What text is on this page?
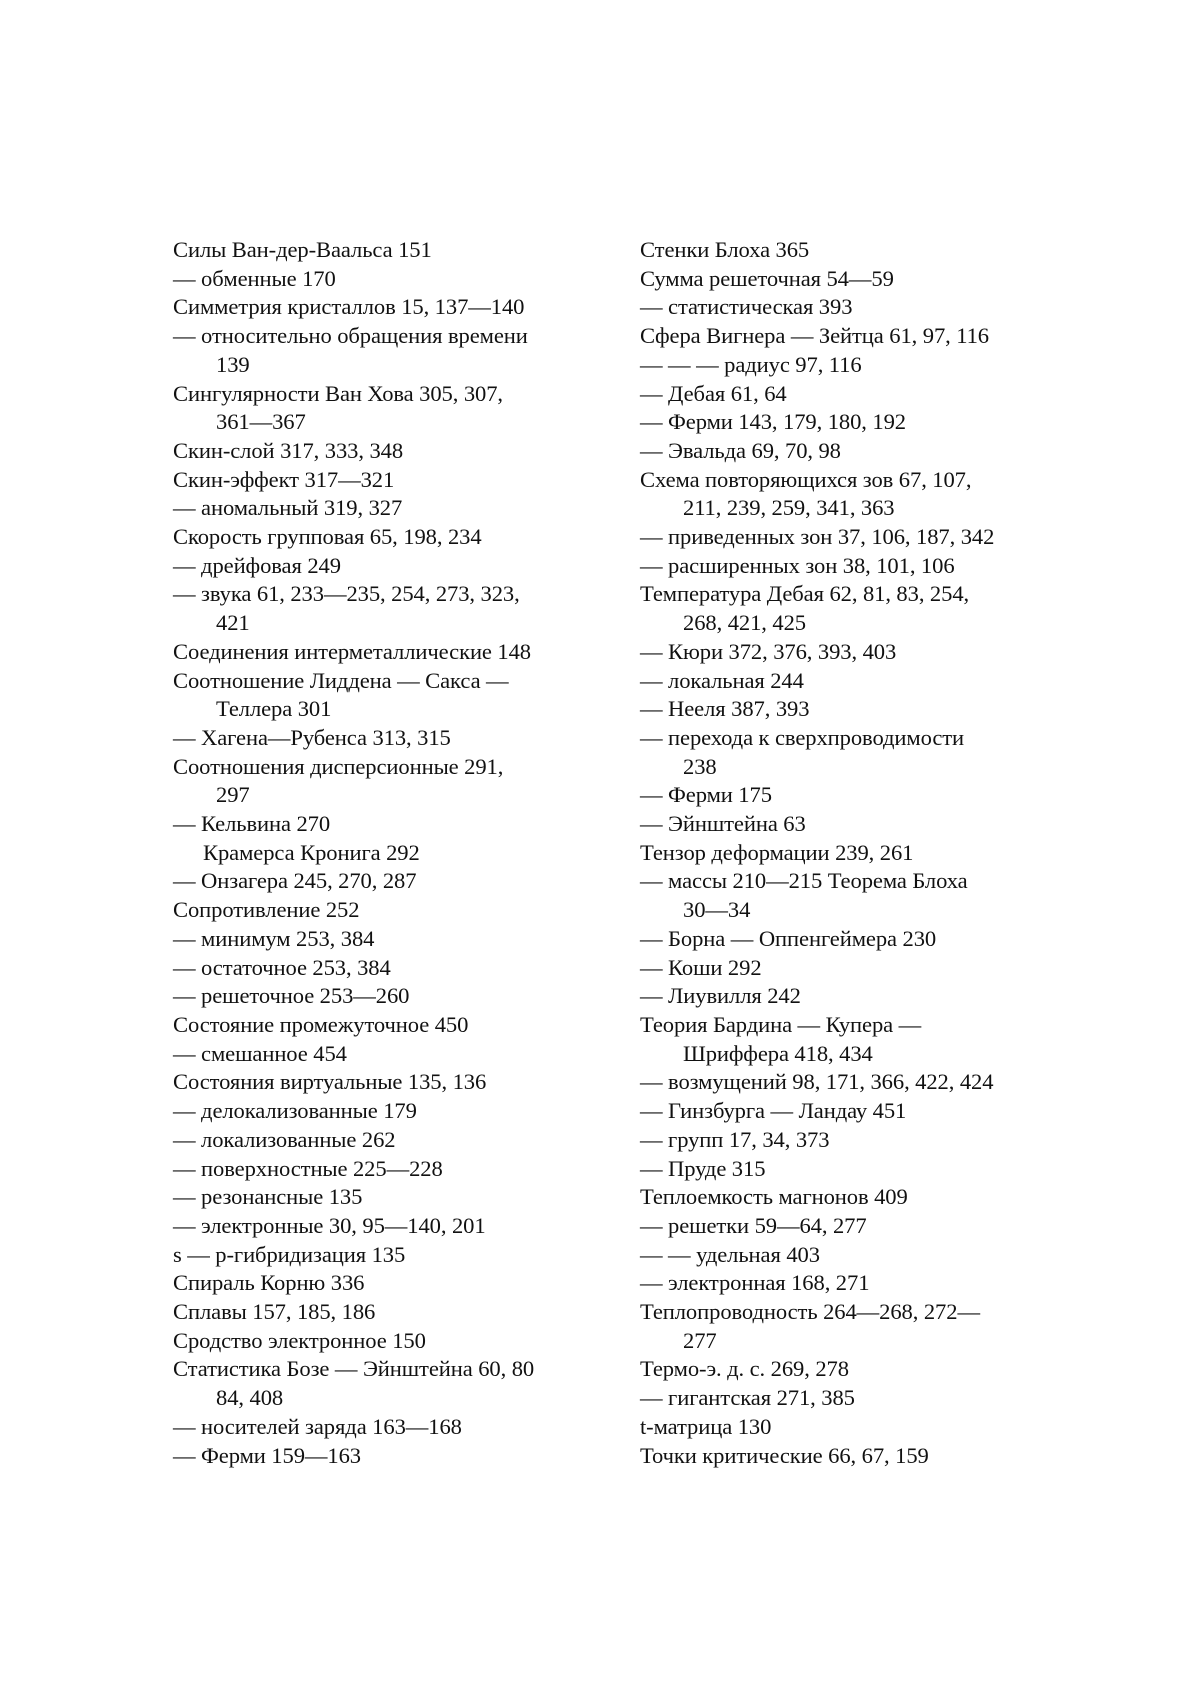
Силы Ван-дер-Ваальса 151
— обменные 170
Симметрия кристаллов 15, 137—140
— относительно обращения времени
139
Сингулярности Ван Хова 305, 307,
361—367
Скин-слой 317, 333, 348
Скин-эффект 317—321
— аномальный 319, 327
Скорость групповая 65, 198, 234
— дрейфовая 249
— звука 61, 233—235, 254, 273, 323,
421
Соединения интерметаллические 148
Соотношение Лиддена — Сакса —
Теллера 301
— Хагена—Рубенса 313, 315
Соотношения дисперсионные 291,
297
— Кельвина 270
Крамерса Кронига 292
— Онзагера 245, 270, 287
Сопротивление 252
— минимум 253, 384
— остаточное 253, 384
— решеточное 253—260
Состояние промежуточное 450
— смешанное 454
Состояния виртуальные 135, 136
— делокализованные 179
— локализованные 262
— поверхностные 225—228
— резонансные 135
— электронные 30, 95—140, 201
s — р-гибридизация 135
Спираль Корню 336
Сплавы 157, 185, 186
Сродство электронное 150
Статистика Бозе — Эйнштейна 60, 80
84, 408
— носителей заряда 163—168
— Ферми 159—163
Стенки Блоха 365
Сумма решеточная 54—59
— статистическая 393
Сфера Вигнера — Зейтца 61, 97, 116
— — — радиус 97, 116
— Дебая 61, 64
— Ферми 143, 179, 180, 192
— Эвальда 69, 70, 98
Схема повторяющихся зов 67, 107,
211, 239, 259, 341, 363
— приведенных зон 37, 106, 187, 342
— расширенных зон 38, 101, 106
Температура Дебая 62, 81, 83, 254,
268, 421, 425
— Кюри 372, 376, 393, 403
— локальная 244
— Нееля 387, 393
— перехода к сверхпроводимости
238
— Ферми 175
— Эйнштейна 63
Тензор деформации 239, 261
— массы 210—215 Теорема Блоха
30—34
— Борна — Оппенгеймера 230
— Коши 292
— Лиувилля 242
Теория Бардина — Купера —
Шриффера 418, 434
— возмущений 98, 171, 366, 422, 424
— Гинзбурга — Ландау 451
— групп 17, 34, 373
— Пруде 315
Теплоемкость магнонов 409
— решетки 59—64, 277
— — удельная 403
— электронная 168, 271
Теплопроводность 264—268, 272—
277
Термо-э. д. с. 269, 278
— гигантская 271, 385
t-матрица 130
Точки критические 66, 67, 159
